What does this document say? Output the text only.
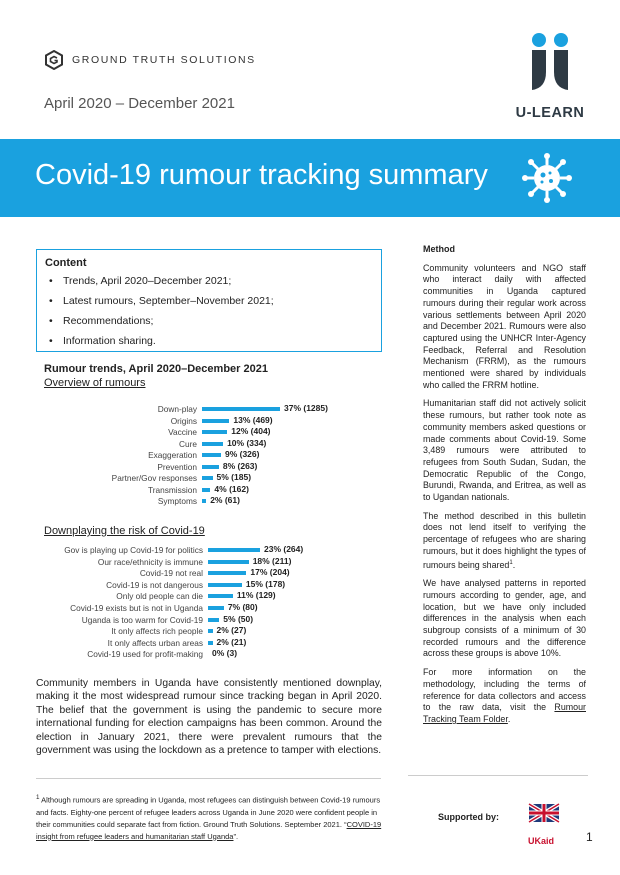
GROUND TRUTH SOLUTIONS
April 2020 – December 2021
U-LEARN
Covid-19 rumour tracking summary
Content
• Trends, April 2020–December 2021;
• Latest rumours, September–November 2021;
• Recommendations;
• Information sharing.
Rumour trends, April 2020–December 2021
Overview of rumours
Down-play	37% (1285)
Origins	13% (469)
Vaccine	12% (404)
Cure	10% (334)
Exaggeration	9% (326)
Prevention	8% (263)
Partner/Gov responses 5% (185)
Transmission 4% (162)
Symptoms 2% (61)
Downplaying the risk of Covid-19
Gov is playing up Covid-19 for politics	23% (264)
Our race/ethnicity is immune	18% (211)
Covid-19 not real	17% (204)
Covid-19 is not dangerous	15% (178)
Only old people can die	11% (129)
Covid-19 exists but is not in Uganda	7% (80)
Uganda is too warm for Covid-19 5% (50)
It only affects rich people 2% (27)
It only affects urban areas 2% (21)
Covid-19 used for profit-making 0% (3)
Community members in Uganda have consistently mentioned downplay, making it the most widespread rumour since tracking began in April 2020. The belief that the government is using the pandemic to secure more international funding for election campaigns has been common. Around the election in January 2021, there were prevalent rumours that the government was using the lockdown as a pretence to tamper with elections.
$^1$ Although rumours are spreading in Uganda, most refugees can distinguish between Covid-19 rumours and facts. Eighty-one percent of refugee leaders across Uganda in June 2020 were confident people in their communities could separate fact from fiction. Ground Truth Solutions. September 2021. “COVID-19 insight from refugee leaders and humanitarian staff Uganda”.
Method

Community volunteers and NGO staff who interact daily with affected communities in Uganda captured rumours during their regular work across various settlements between April 2020 and December 2021. Rumours were also captured using the UNHCR Inter-Agency Feedback, Referral and Resolution Mechanism (FRRM), as the rumours mentioned were shared by individuals who called the FRRM hotline.

Humanitarian staff did not actively solicit these rumours, but rather took note as community members asked questions or made comments about Covid-19. Some 3,489 rumours were attributed to refugees from South Sudan, Sudan, the Democratic Republic of the Congo, Burundi, Rwanda, and Eritrea, as well as to Ugandan nationals.

The method described in this bulletin does not lend itself to verifying the percentage of refugees who are sharing rumours, but it does highlight the types of rumours being shared$^1$.

We have analysed patterns in reported rumours according to gender, age, and location, but we have only included differences in the analysis when each subgroup consists of a minimum of 30 recorded rumours and the difference across these groups is above 10%.

For more information on the methodology, including the terms of reference for data collectors and access to the raw data, visit the Rumour Tracking Team Folder.

Supported by:
UKaid	1
